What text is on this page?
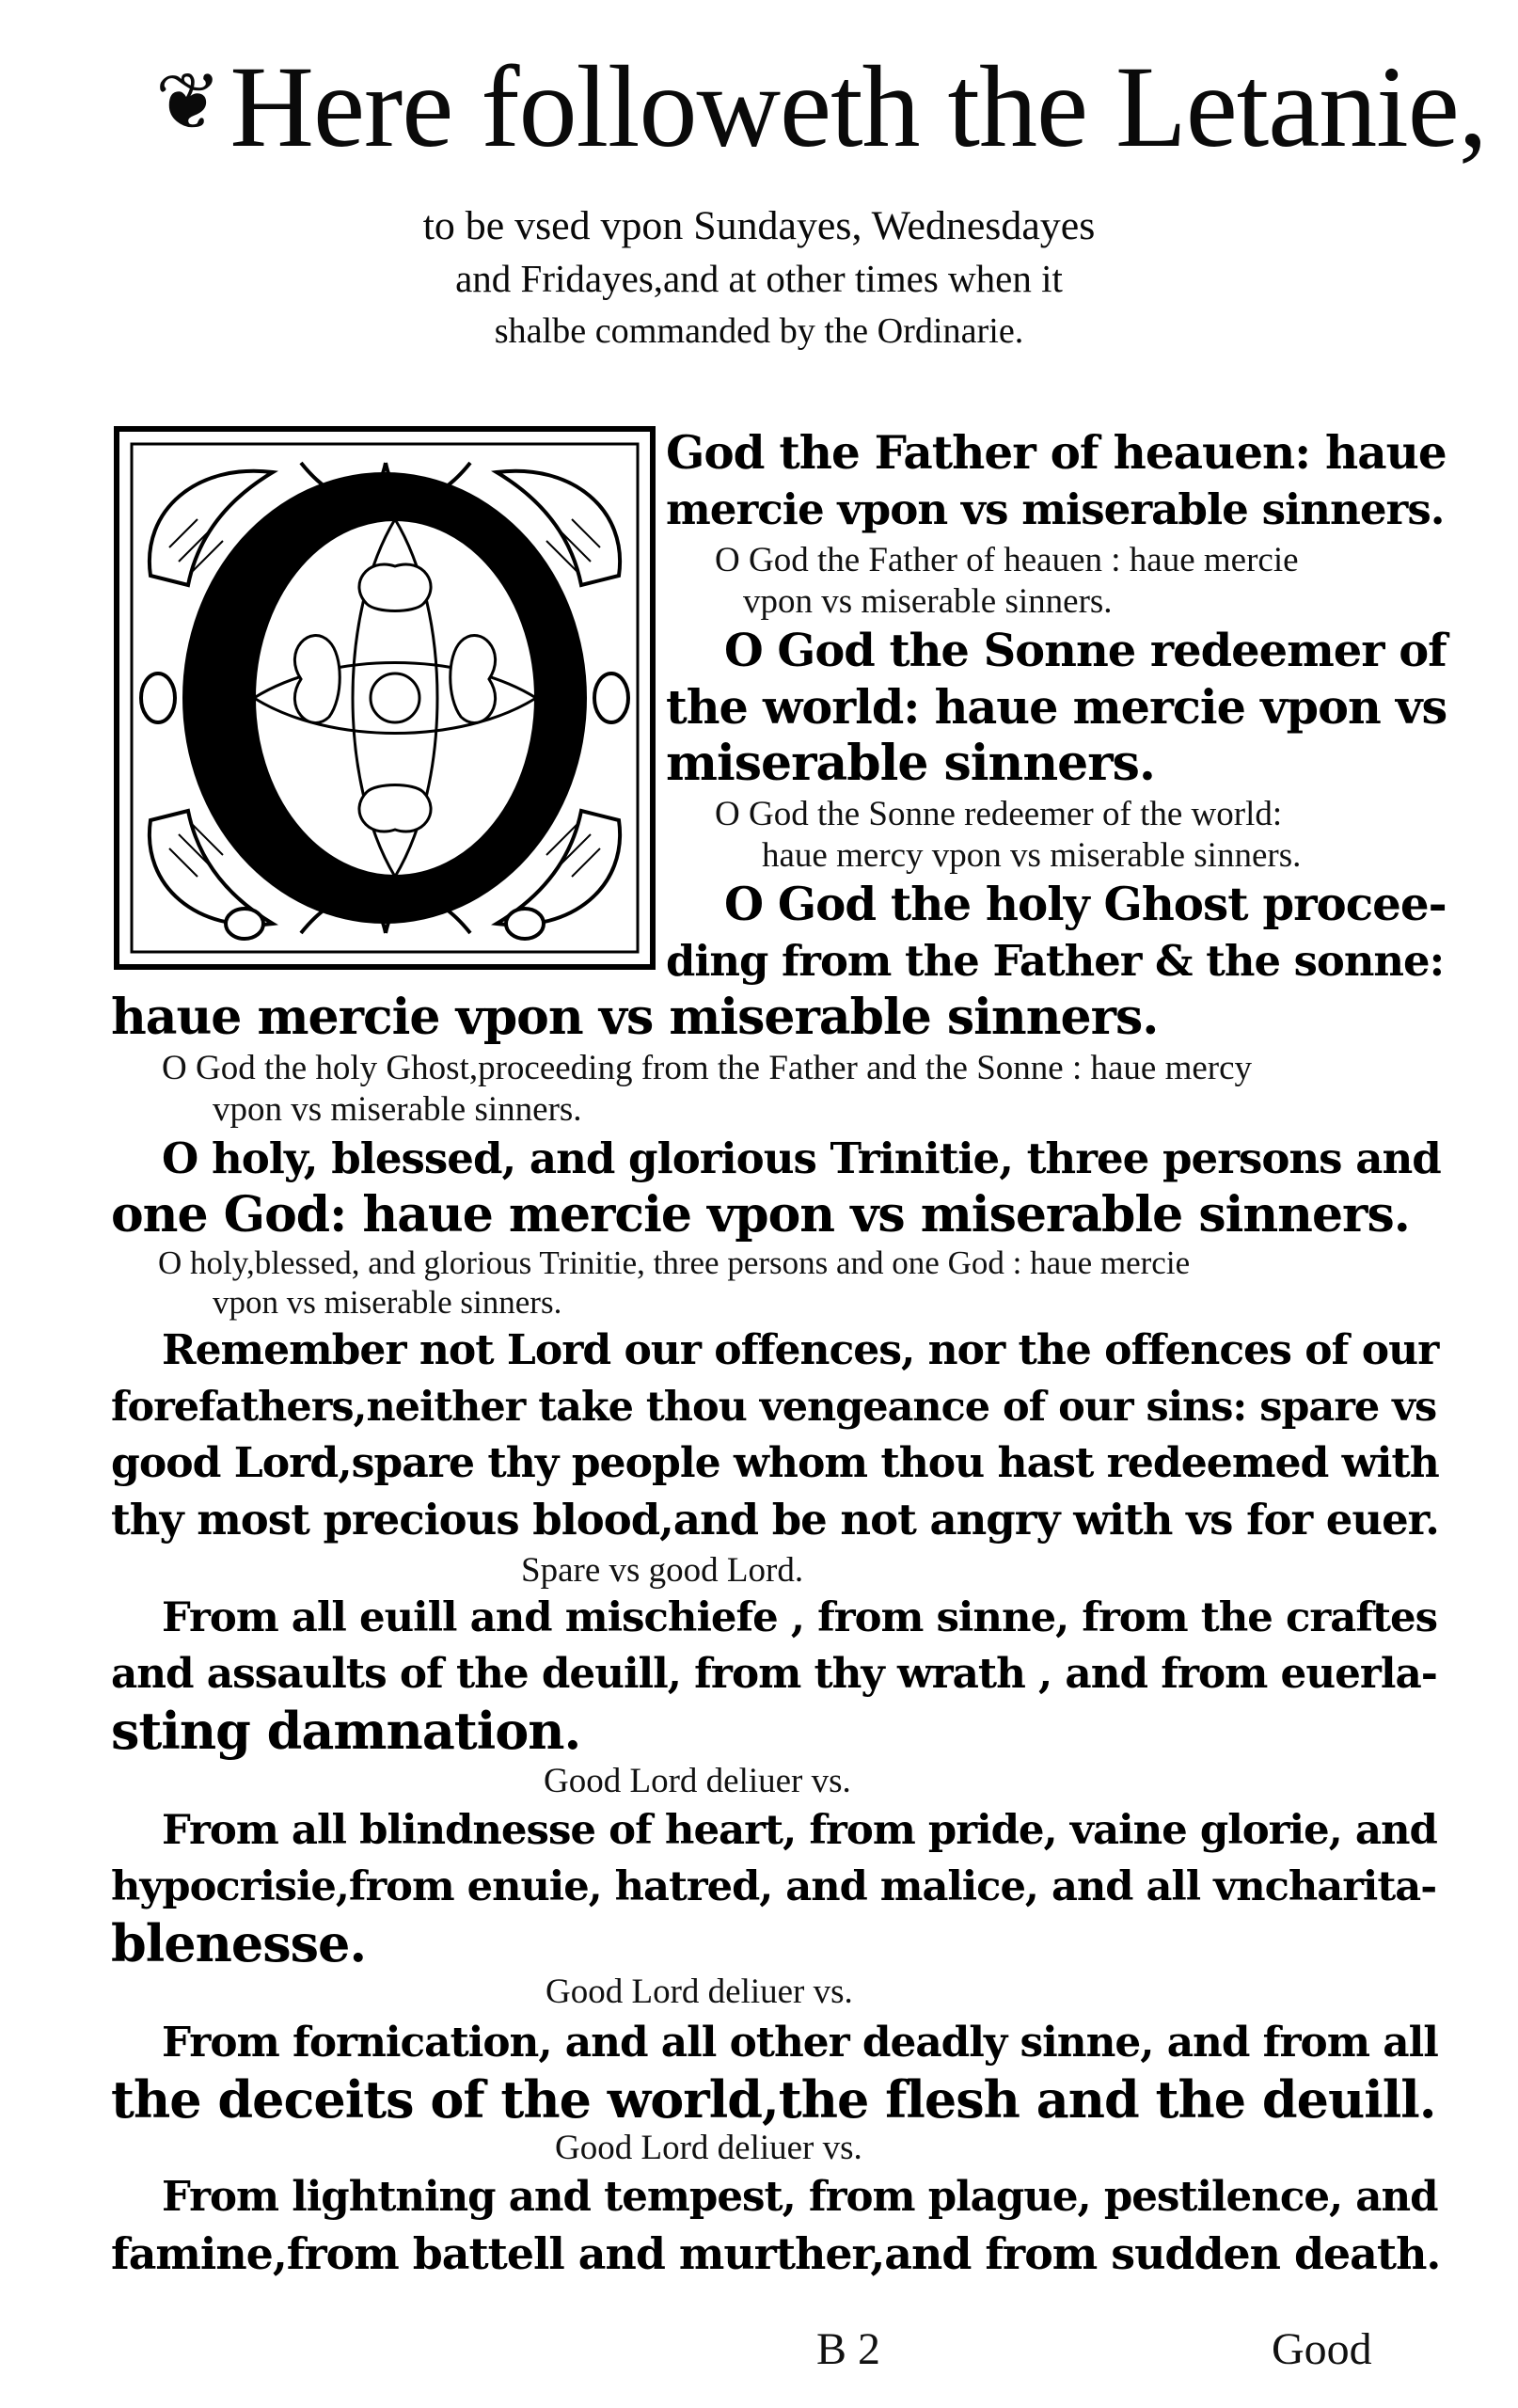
❦Here followeth the Letanie,
to be vsed vpon Sundayes, Wednesdayes
and Fridayes,and at other times when it
shalbe commanded by the Ordinarie.
God the Father of heauen: haue
mercie vpon vs miserable sinners.
O God the Father of heauen : haue mercie
vpon vs miserable sinners.
O God the Sonne redeemer of
the world: haue mercie vpon vs
miserable sinners.
O God the Sonne redeemer of the world:
haue mercy vpon vs miserable sinners.
O God the holy Ghost procee-
ding from the Father & the sonne:
haue mercie vpon vs miserable sinners.
O God the holy Ghost,proceeding from the Father and the Sonne : haue mercy
vpon vs miserable sinners.
O holy, blessed, and glorious Trinitie, three persons and
one God: haue mercie vpon vs miserable sinners.
O holy,blessed, and glorious Trinitie, three persons and one God : haue mercie
vpon vs miserable sinners.
Remember not Lord our offences, nor the offences of our
forefathers,neither take thou vengeance of our sins: spare vs
good Lord,spare thy people whom thou hast redeemed with
thy most precious blood,and be not angry with vs for euer.
Spare vs good Lord.
From all euill and mischiefe , from sinne, from the craftes
and assaults of the deuill, from thy wrath , and from euerla-
sting damnation.
Good Lord deliuer vs.
From all blindnesse of heart, from pride, vaine glorie, and
hypocrisie,from enuie, hatred, and malice, and all vncharita-
blenesse.
Good Lord deliuer vs.
From fornication, and all other deadly sinne, and from all
the deceits of the world,the flesh and the deuill.
Good Lord deliuer vs.
From lightning and tempest, from plague, pestilence, and
famine,from battell and murther,and from sudden death.
B 2	Good
